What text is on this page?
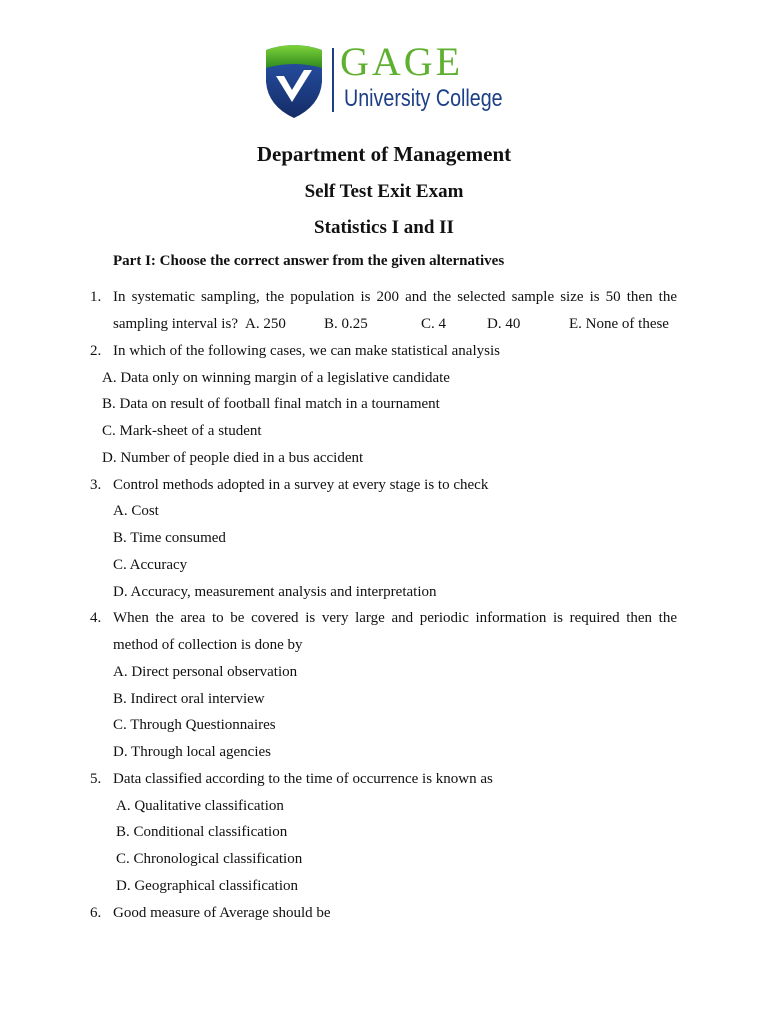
GAGE
University College
Department of Management
Self Test Exit Exam
Statistics I and II
Part I: Choose the correct answer from the given alternatives
1. In systematic sampling, the population is 200 and the selected sample size is 50 then the
sampling interval is? A. 250	B. 0.25	C. 4	D. 40	E. None of these
2. In which of the following cases, we can make statistical analysis
A. Data only on winning margin of a legislative candidate
B. Data on result of football final match in a tournament
C. Mark-sheet of a student
D. Number of people died in a bus accident
3. Control methods adopted in a survey at every stage is to check
A. Cost
B. Time consumed
C. Accuracy
D. Accuracy, measurement analysis and interpretation
4. When the area to be covered is very large and periodic information is required then the
method of collection is done by
A. Direct personal observation
B. Indirect oral interview
C. Through Questionnaires
D. Through local agencies
5. Data classified according to the time of occurrence is known as
A. Qualitative classification
B. Conditional classification
C. Chronological classification
D. Geographical classification
6. Good measure of Average should be
